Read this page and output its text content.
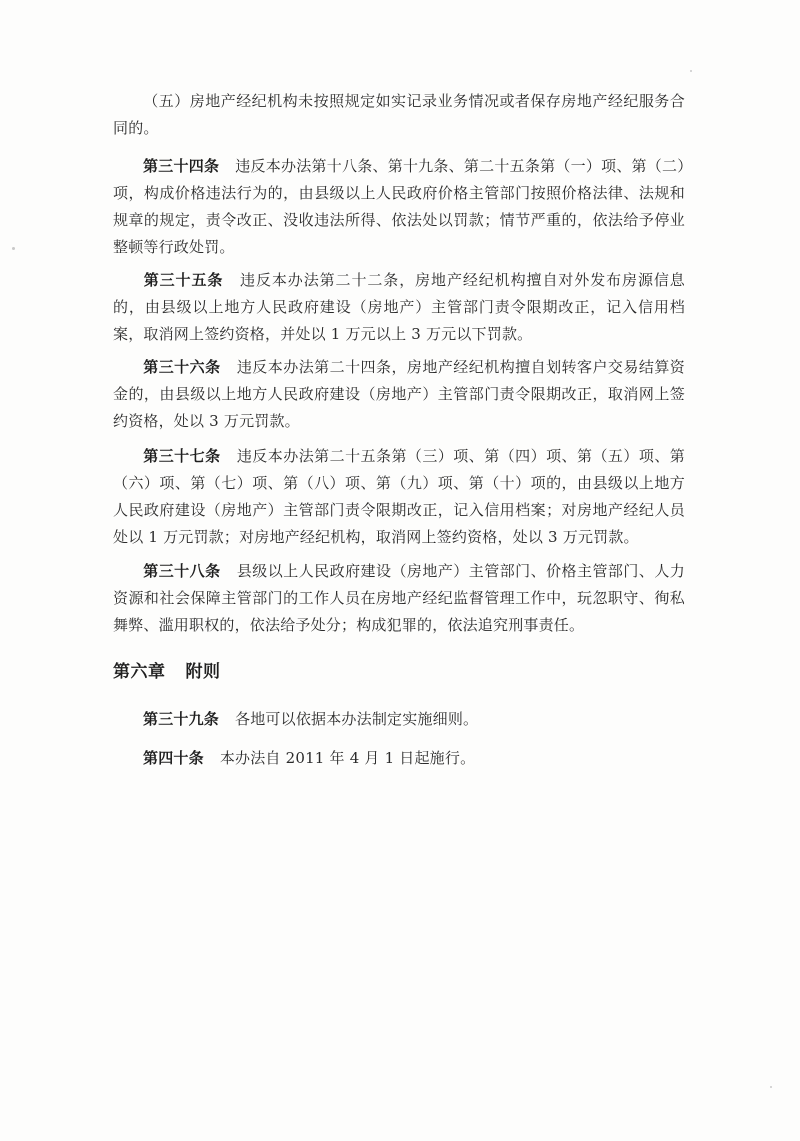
（五）房地产经纪机构未按照规定如实记录业务情况或者保存房地产经纪服务合同的。

第三十四条 违反本办法第十八条、第十九条、第二十五条第（一）项、第（二）项，构成价格违法行为的，由县级以上人民政府价格主管部门按照价格法律、法规和规章的规定，责令改正、没收违法所得、依法处以罚款；情节严重的，依法给予停业整顿等行政处罚。

第三十五条 违反本办法第二十二条，房地产经纪机构擅自对外发布房源信息的，由县级以上地方人民政府建设（房地产）主管部门责令限期改正，记入信用档案，取消网上签约资格，并处以 1 万元以上 3 万元以下罚款。

第三十六条 违反本办法第二十四条，房地产经纪机构擅自划转客户交易结算资金的，由县级以上地方人民政府建设（房地产）主管部门责令限期改正，取消网上签约资格，处以 3 万元罚款。

第三十七条 违反本办法第二十五条第（三）项、第（四）项、第（五）项、第（六）项、第（七）项、第（八）项、第（九）项、第（十）项的，由县级以上地方人民政府建设（房地产）主管部门责令限期改正，记入信用档案；对房地产经纪人员处以 1 万元罚款；对房地产经纪机构，取消网上签约资格，处以 3 万元罚款。

第三十八条 县级以上人民政府建设（房地产）主管部门、价格主管部门、人力资源和社会保障主管部门的工作人员在房地产经纪监督管理工作中，玩忽职守、徇私舞弊、滥用职权的，依法给予处分；构成犯罪的，依法追究刑事责任。

第六章 附则

第三十九条 各地可以依据本办法制定实施细则。

第四十条 本办法自 2011 年 4 月 1 日起施行。
